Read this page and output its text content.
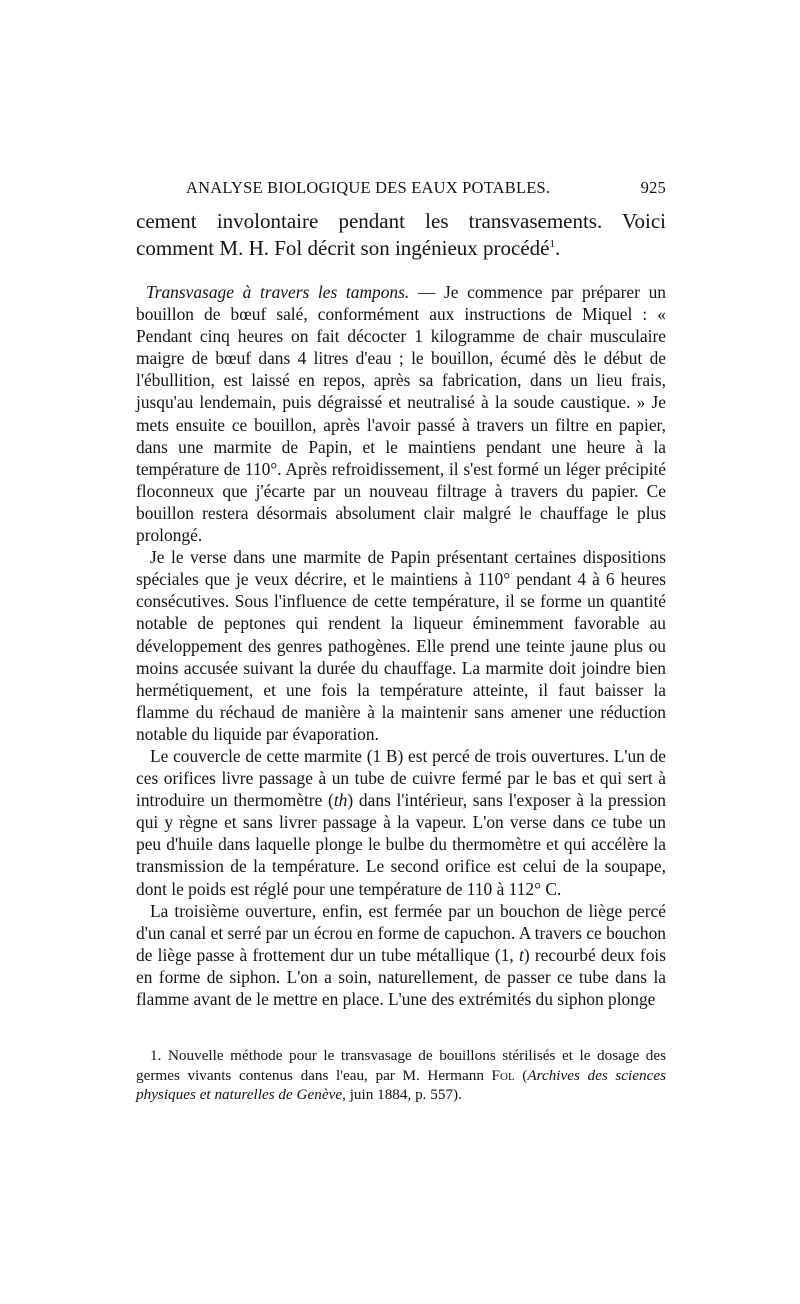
ANALYSE BIOLOGIQUE DES EAUX POTABLES.	925

cement involontaire pendant les transvasements. Voici comment M. H. Fol décrit son ingénieux procédé$^1$.

Transvasage à travers les tampons. — Je commence par préparer un bouillon de bœuf salé, conformément aux instructions de Miquel : « Pendant cinq heures on fait décocter 1 kilogramme de chair musculaire maigre de bœuf dans 4 litres d'eau ; le bouillon, écumé dès le début de l'ébullition, est laissé en repos, après sa fabrication, dans un lieu frais, jusqu'au lendemain, puis dégraissé et neutralisé à la soude caustique. » Je mets ensuite ce bouillon, après l'avoir passé à travers un filtre en papier, dans une marmite de Papin, et le maintiens pendant une heure à la température de 110°. Après refroidissement, il s'est formé un léger précipité floconneux que j'écarte par un nouveau filtrage à travers du papier. Ce bouillon restera désormais absolument clair malgré le chauffage le plus prolongé.

Je le verse dans une marmite de Papin présentant certaines dispositions spéciales que je veux décrire, et le maintiens à 110° pendant 4 à 6 heures consécutives. Sous l'influence de cette température, il se forme un quantité notable de peptones qui rendent la liqueur éminemment favorable au développement des genres pathogènes. Elle prend une teinte jaune plus ou moins accusée suivant la durée du chauffage. La marmite doit joindre bien hermétiquement, et une fois la température atteinte, il faut baisser la flamme du réchaud de manière à la maintenir sans amener une réduction notable du liquide par évaporation.

Le couvercle de cette marmite (1 B) est percé de trois ouvertures. L'un de ces orifices livre passage à un tube de cuivre fermé par le bas et qui sert à introduire un thermomètre (th) dans l'intérieur, sans l'exposer à la pression qui y règne et sans livrer passage à la vapeur. L'on verse dans ce tube un peu d'huile dans laquelle plonge le bulbe du thermomètre et qui accélère la transmission de la température. Le second orifice est celui de la soupape, dont le poids est réglé pour une température de 110 à 112° C.

La troisième ouverture, enfin, est fermée par un bouchon de liège percé d'un canal et serré par un écrou en forme de capuchon. A travers ce bouchon de liège passe à frottement dur un tube métallique (1, t) recourbé deux fois en forme de siphon. L'on a soin, naturellement, de passer ce tube dans la flamme avant de le mettre en place. L'une des extrémités du siphon plonge

1. Nouvelle méthode pour le transvasage de bouillons stérilisés et le dosage des germes vivants contenus dans l'eau, par M. Hermann Fol (Archives des sciences physiques et naturelles de Genève, juin 1884, p. 557).
